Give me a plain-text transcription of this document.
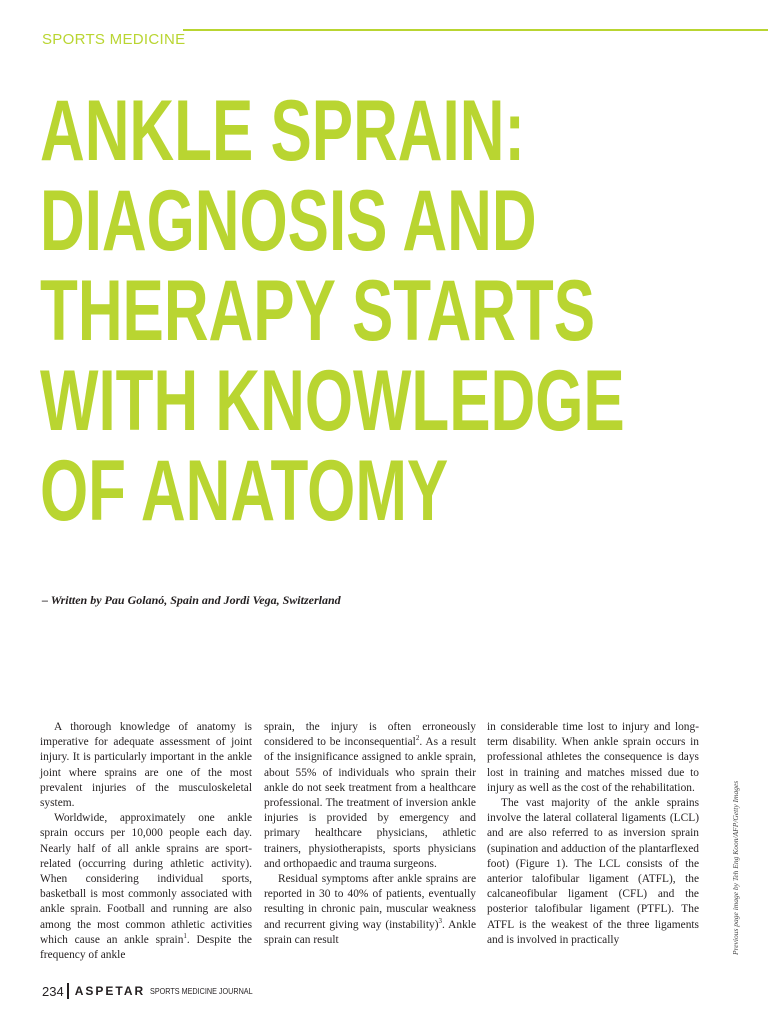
SPORTS MEDICINE
ANKLE SPRAIN:
DIAGNOSIS AND
THERAPY STARTS
WITH KNOWLEDGE
OF ANATOMY
– Written by Pau Golanó, Spain and Jordi Vega, Switzerland

A thorough knowledge of anatomy is imperative for adequate assessment of joint injury. It is particularly important in the ankle joint where sprains are one of the most prevalent injuries of the musculoskeletal system.

Worldwide, approximately one ankle sprain occurs per 10,000 people each day. Nearly half of all ankle sprains are sport-related (occurring during athletic activity). When considering individual sports, basketball is most commonly associated with ankle sprain. Football and running are also among the most common athletic activities which cause an ankle sprain$^1$. Despite the frequency of ankle

sprain, the injury is often erroneously considered to be inconsequential$^2$. As a result of the insignificance assigned to ankle sprain, about 55% of individuals who sprain their ankle do not seek treatment from a healthcare professional. The treatment of inversion ankle injuries is provided by emergency and primary healthcare physicians, athletic trainers, physiotherapists, sports physicians and orthopaedic and trauma surgeons.

Residual symptoms after ankle sprains are reported in 30 to 40% of patients, eventually resulting in chronic pain, muscular weakness and recurrent giving way (instability)$^3$. Ankle sprain can result

in considerable time lost to injury and long-term disability. When ankle sprain occurs in professional athletes the consequence is days lost in training and matches missed due to injury as well as the cost of the rehabilitation.

The vast majority of the ankle sprains involve the lateral collateral ligaments (LCL) and are also referred to as inversion sprain (supination and adduction of the plantarflexed foot) (Figure 1). The LCL consists of the anterior talofibular ligament (ATFL), the calcaneofibular ligament (CFL) and the posterior talofibular ligament (PTFL). The ATFL is the weakest of the three ligaments and is involved in practically	Previous page image by Teh Eng Koon/AFP/Getty Images
234 ASPETAR SPORTS MEDICINE JOURNAL
